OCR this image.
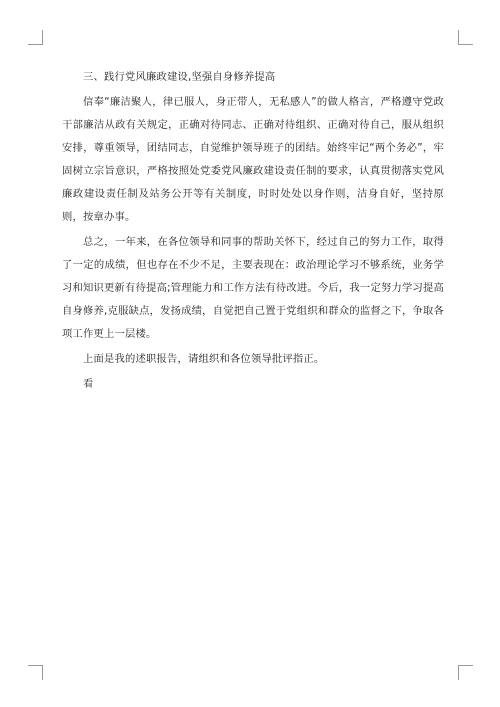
三、践行党风廉政建设,坚强自身修养提高

信奉“廉洁聚人，律已服人，身正带人，无私感人”的做人格言，严格遵守党政干部廉洁从政有关规定，正确对待同志、正确对待组织、正确对待自己，服从组织安排，尊重领导，团结同志，自觉维护领导班子的团结。始终牢记“两个务必”，牢固树立宗旨意识，严格按照处党委党风廉政建设责任制的要求，认真贯彻落实党风廉政建设责任制及站务公开等有关制度，时时处处以身作则，洁身自好，坚持原则，按章办事。

总之，一年来，在各位领导和同事的帮助关怀下，经过自己的努力工作，取得了一定的成绩，但也存在不少不足，主要表现在：政治理论学习不够系统，业务学习和知识更新有待提高;管理能力和工作方法有待改进。今后，我一定努力学习提高自身修养,克服缺点，发扬成绩，自觉把自己置于党组织和群众的监督之下，争取各项工作更上一层楼。

上面是我的述职报告，请组织和各位领导批评指正。

看
